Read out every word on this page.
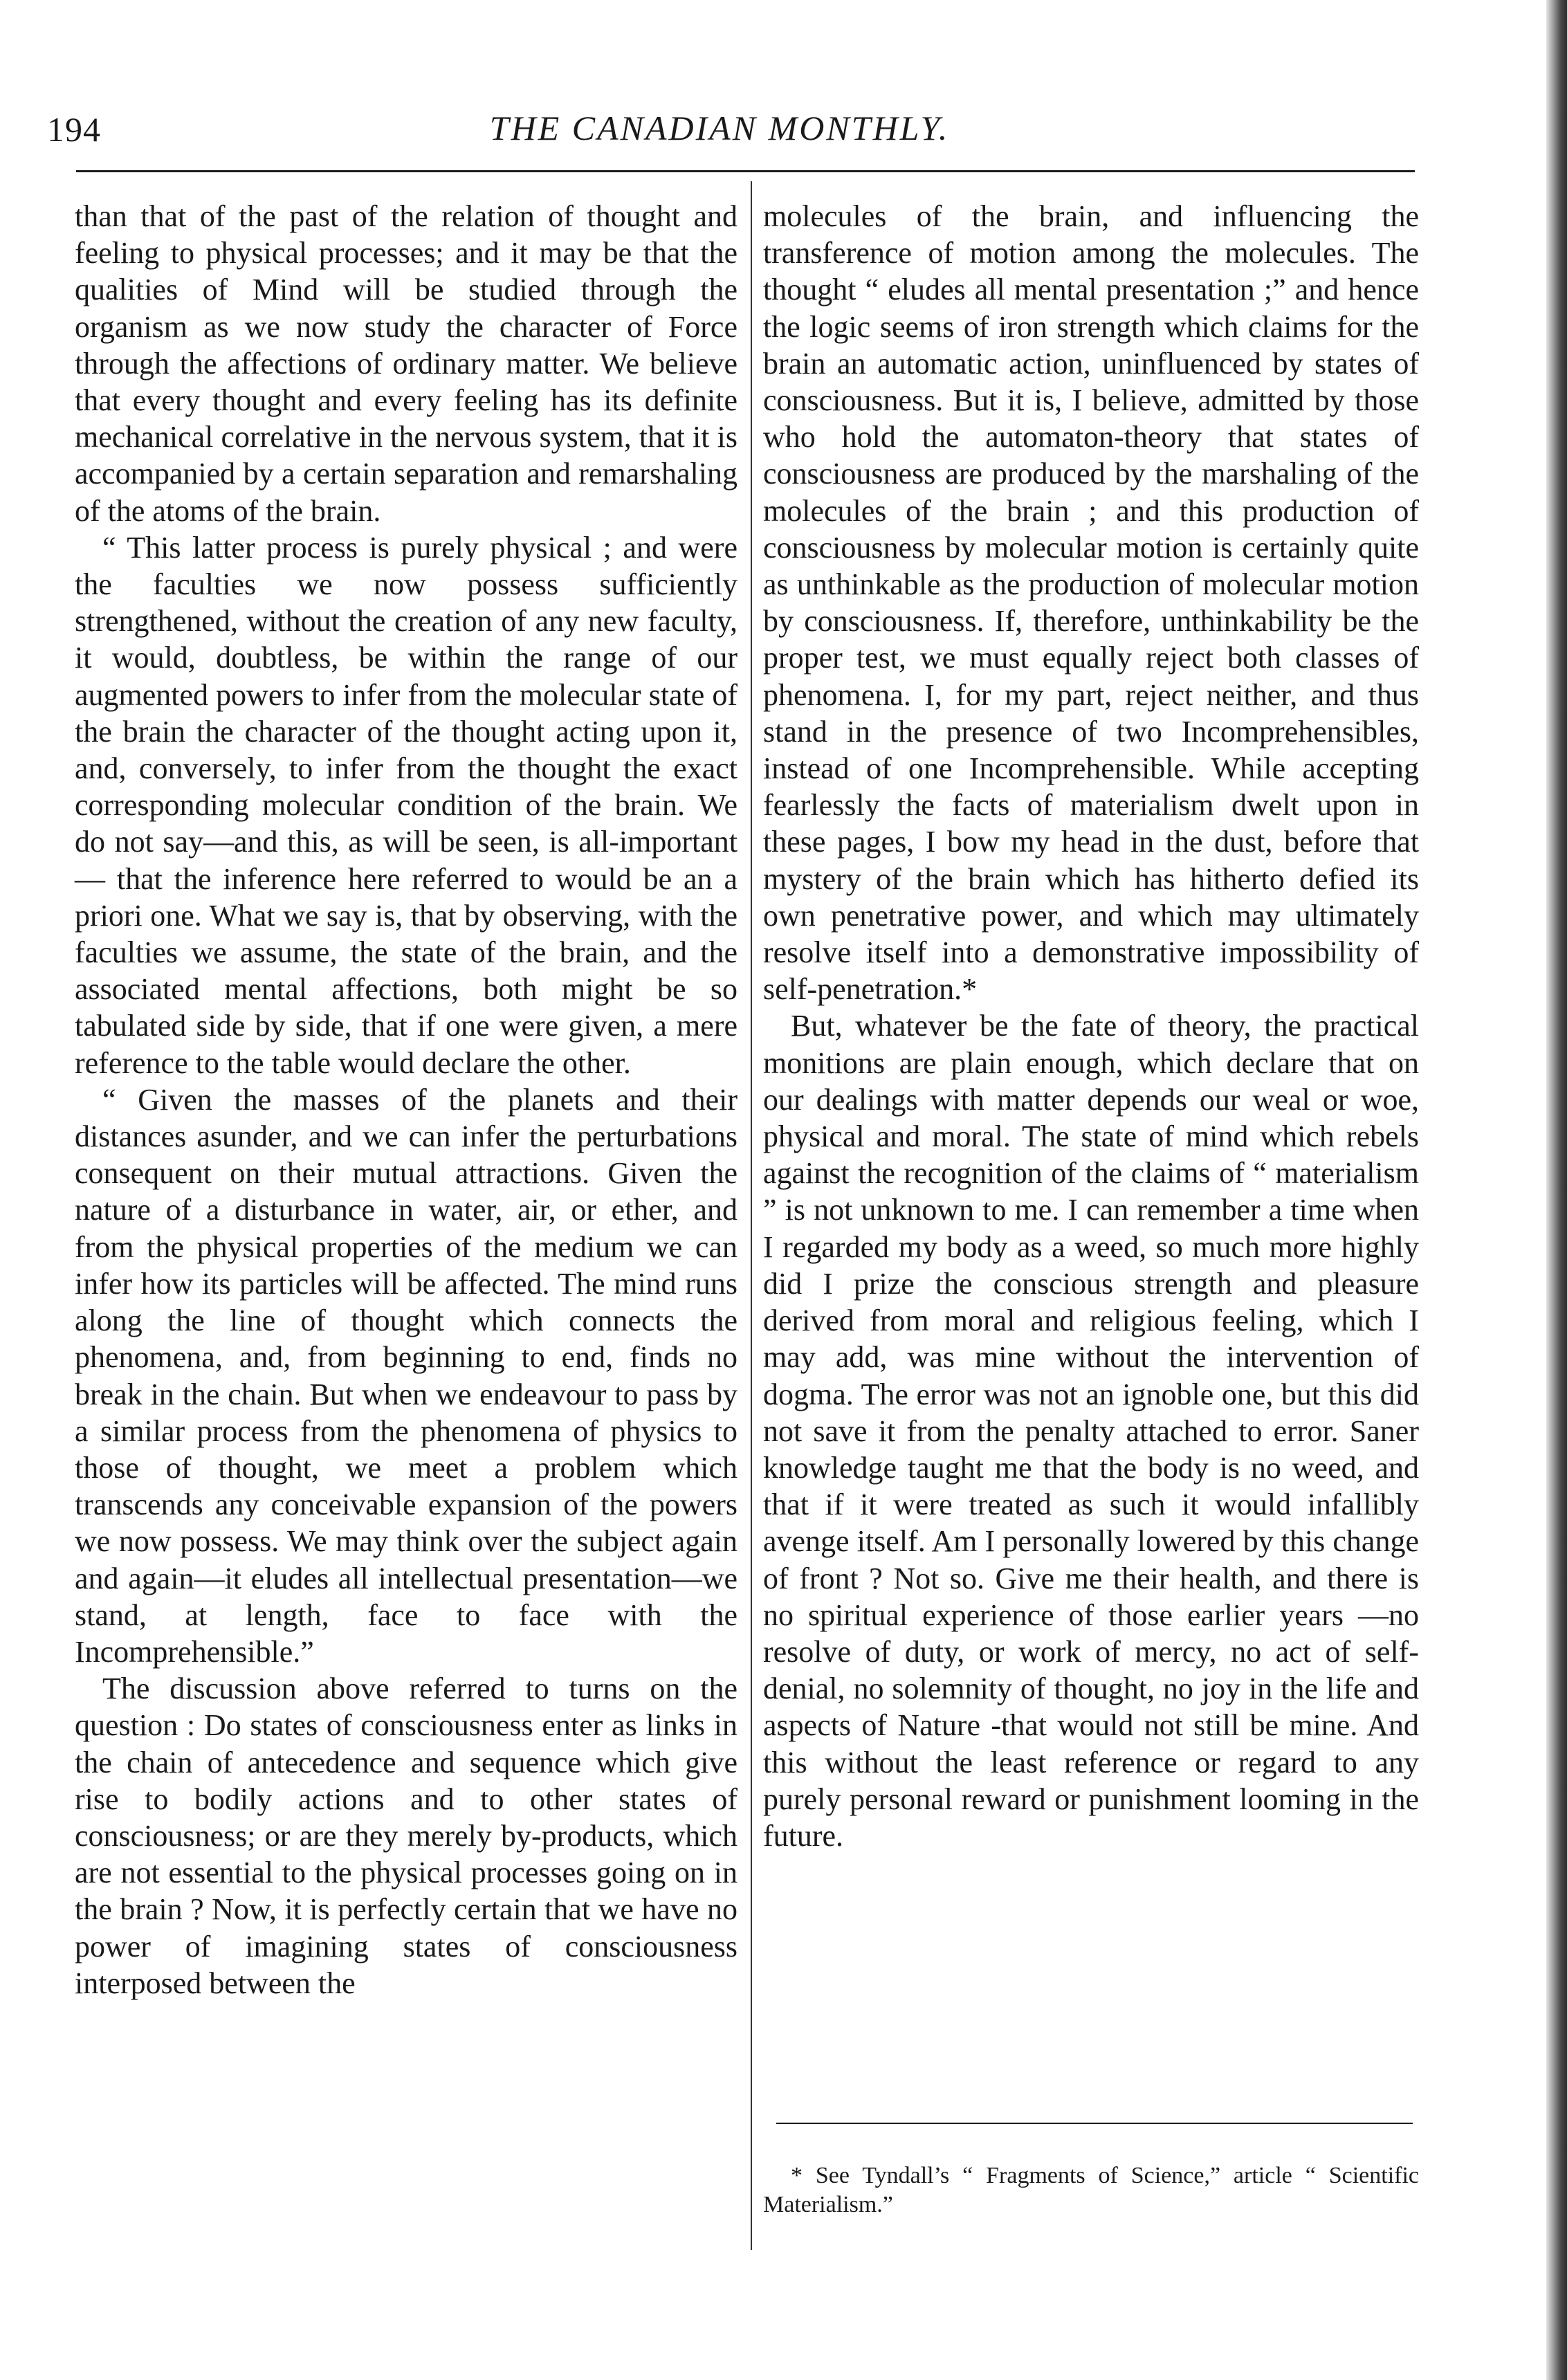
194	THE CANADIAN MONTHLY.

than that of the past of the relation of thought and feeling to physical processes; and it may be that the qualities of Mind will be studied through the organism as we now study the character of Force through the affections of ordinary matter. We believe that every thought and every feeling has its definite mechanical correlative in the nervous system, that it is accompanied by a certain separation and remarshaling of the atoms of the brain.

“ This latter process is purely physical ; and were the faculties we now possess sufficiently strengthened, without the creation of any new faculty, it would, doubtless, be within the range of our augmented powers to infer from the molecular state of the brain the character of the thought acting upon it, and, conversely, to infer from the thought the exact corresponding molecular condition of the brain. We do not say—and this, as will be seen, is all-important — that the inference here referred to would be an a priori one. What we say is, that by observing, with the faculties we assume, the state of the brain, and the associated mental affections, both might be so tabulated side by side, that if one were given, a mere reference to the table would declare the other.

“ Given the masses of the planets and their distances asunder, and we can infer the perturbations consequent on their mutual attractions. Given the nature of a disturbance in water, air, or ether, and from the physical properties of the medium we can infer how its particles will be affected. The mind runs along the line of thought which connects the phenomena, and, from beginning to end, finds no break in the chain. But when we endeavour to pass by a similar process from the phenomena of physics to those of thought, we meet a problem which transcends any conceivable expansion of the powers we now possess. We may think over the subject again and again—it eludes all intellectual presentation—we stand, at length, face to face with the Incomprehensible.”

The discussion above referred to turns on the question : Do states of consciousness enter as links in the chain of antecedence and sequence which give rise to bodily actions and to other states of consciousness; or are they merely by-products, which are not essential to the physical processes going on in the brain ? Now, it is perfectly certain that we have no power of imagining states of consciousness interposed between the

molecules of the brain, and influencing the transference of motion among the molecules. The thought “ eludes all mental presentation ;” and hence the logic seems of iron strength which claims for the brain an automatic action, uninfluenced by states of consciousness. But it is, I believe, admitted by those who hold the automaton-theory that states of consciousness are produced by the marshaling of the molecules of the brain ; and this production of consciousness by molecular motion is certainly quite as unthinkable as the production of molecular motion by consciousness. If, therefore, unthinkability be the proper test, we must equally reject both classes of phenomena. I, for my part, reject neither, and thus stand in the presence of two Incomprehensibles, instead of one Incomprehensible. While accepting fearlessly the facts of materialism dwelt upon in these pages, I bow my head in the dust, before that mystery of the brain which has hitherto defied its own penetrative power, and which may ultimately resolve itself into a demonstrative impossibility of self-penetration.*

But, whatever be the fate of theory, the practical monitions are plain enough, which declare that on our dealings with matter depends our weal or woe, physical and moral. The state of mind which rebels against the recognition of the claims of “ materialism ” is not unknown to me. I can remember a time when I regarded my body as a weed, so much more highly did I prize the conscious strength and pleasure derived from moral and religious feeling, which I may add, was mine without the intervention of dogma. The error was not an ignoble one, but this did not save it from the penalty attached to error. Saner knowledge taught me that the body is no weed, and that if it were treated as such it would infallibly avenge itself. Am I personally lowered by this change of front ? Not so. Give me their health, and there is no spiritual experience of those earlier years —no resolve of duty, or work of mercy, no act of self-denial, no solemnity of thought, no joy in the life and aspects of Nature -that would not still be mine. And this without the least reference or regard to any purely personal reward or punishment looming in the future.

* See Tyndall’s “ Fragments of Science,” article “ Scientific Materialism.”
